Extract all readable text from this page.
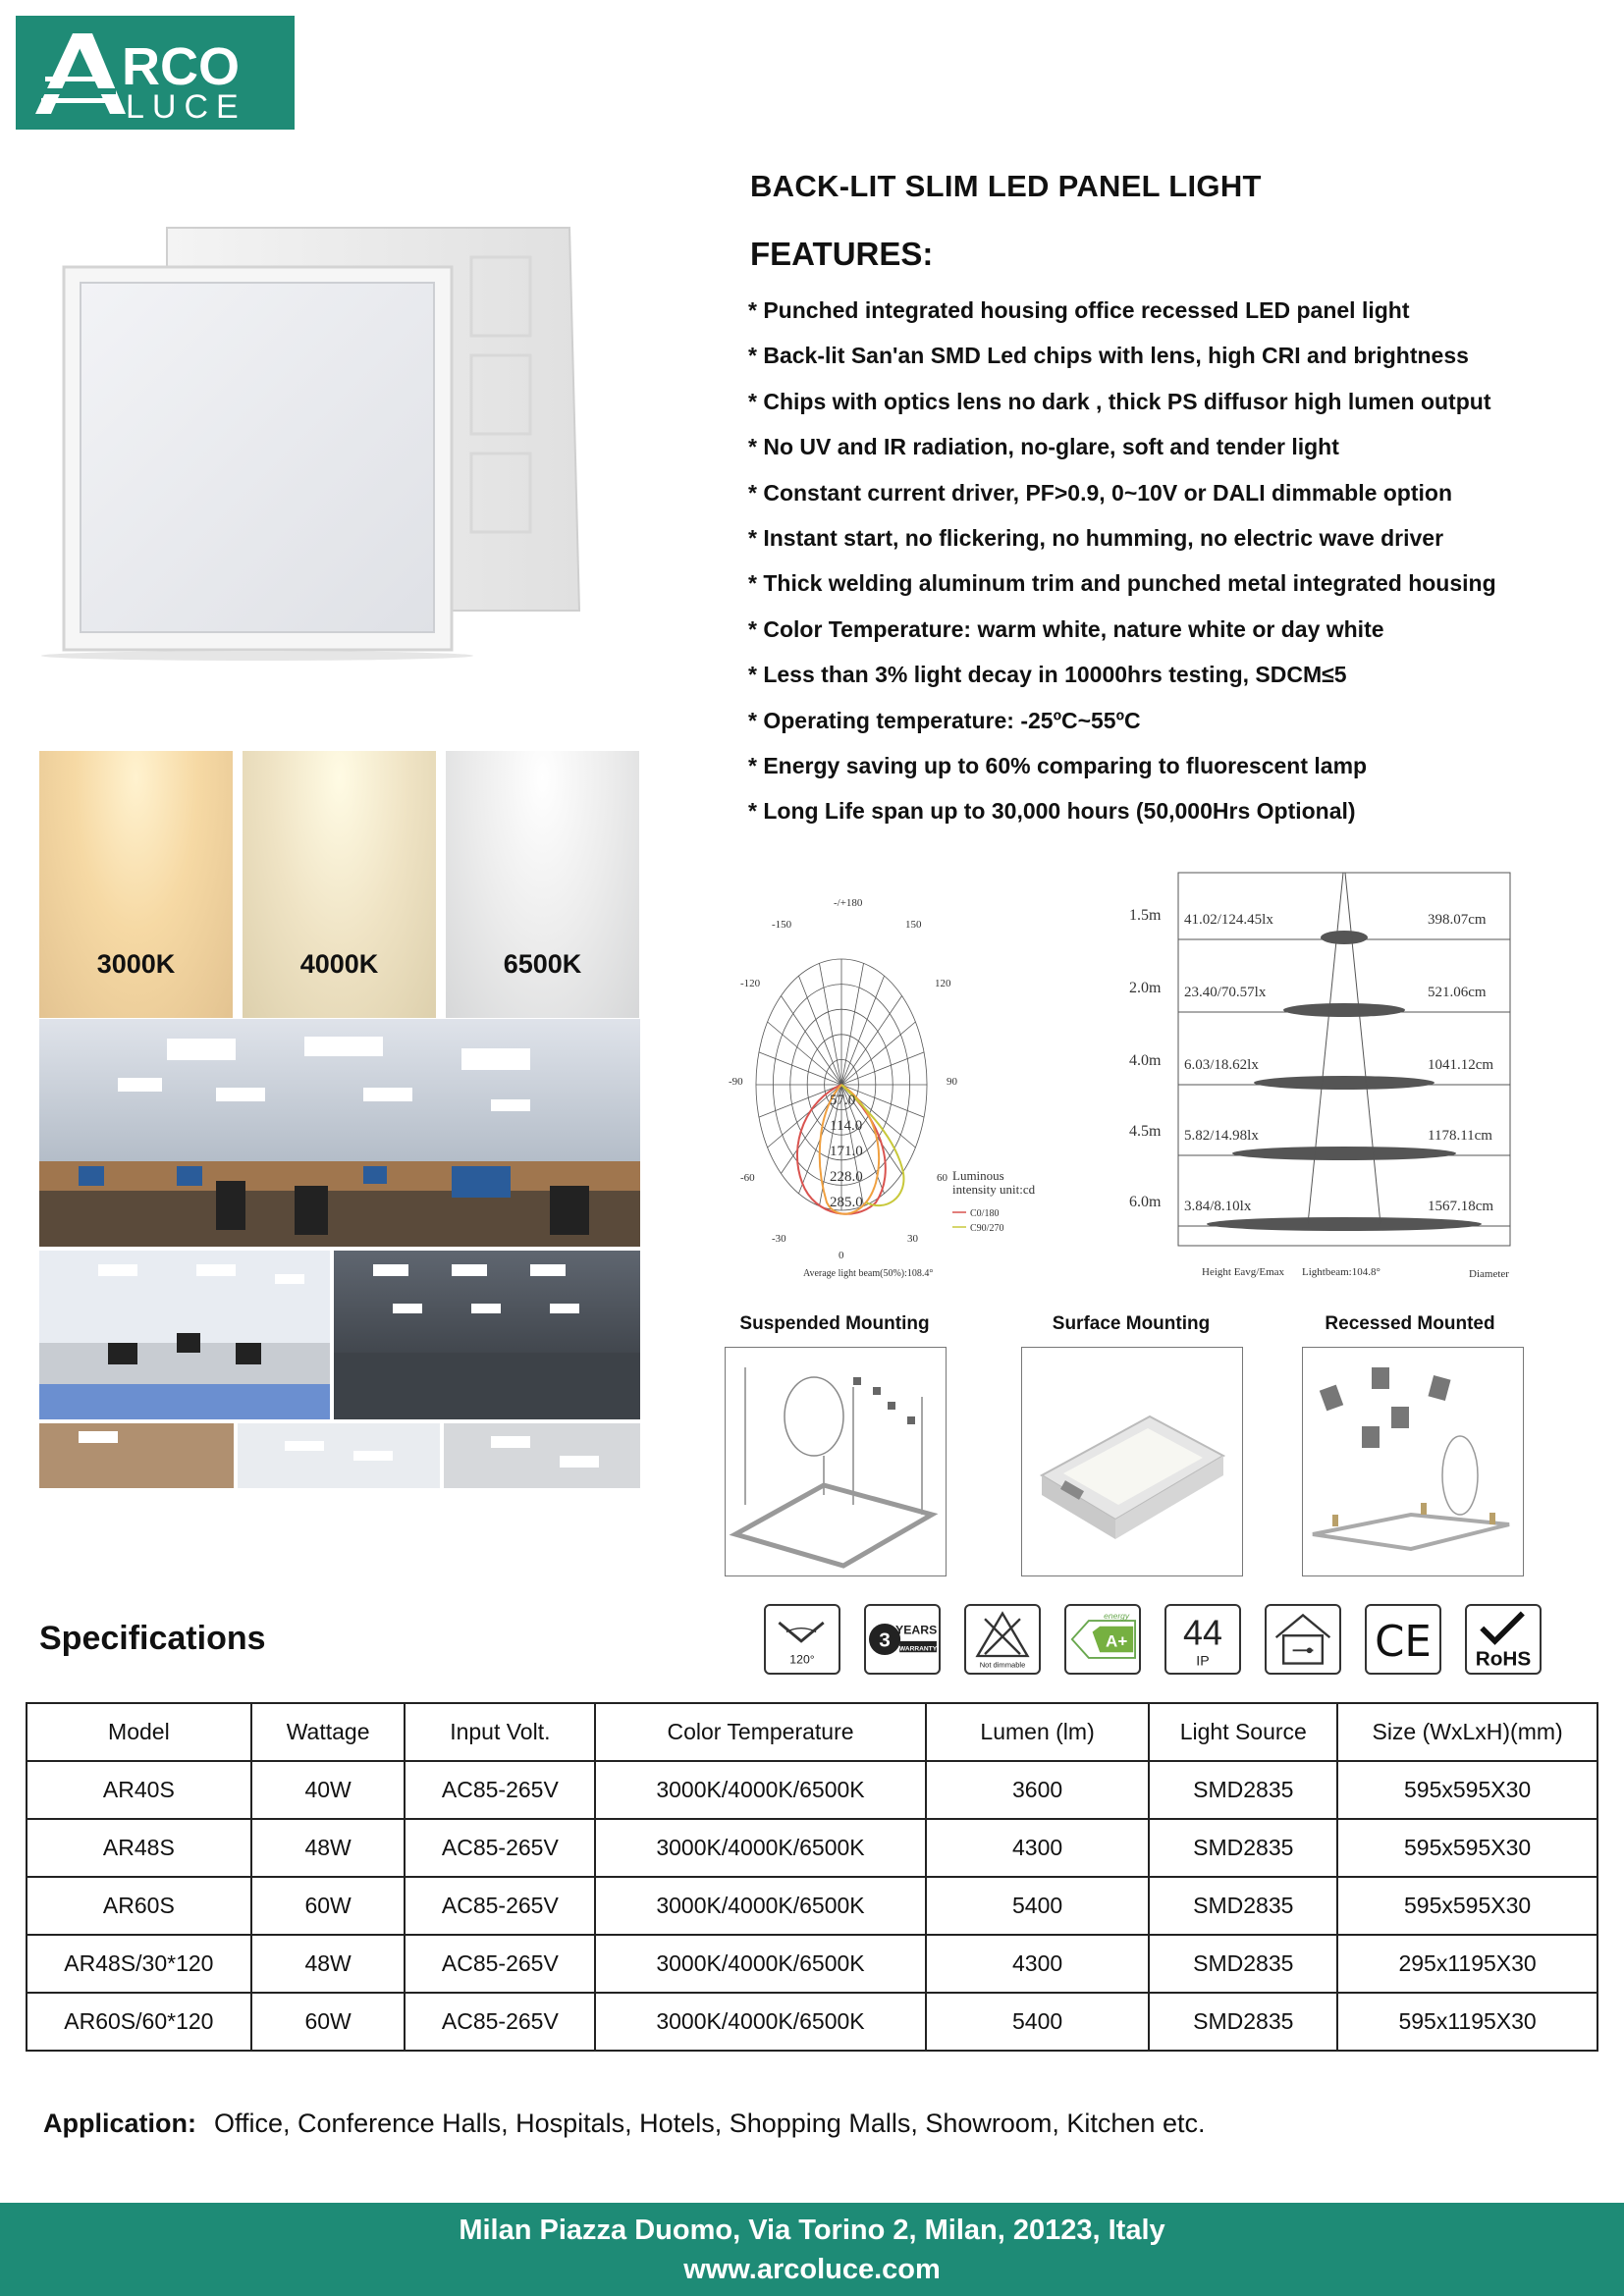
RCO
LUCE
BACK-LIT SLIM LED PANEL LIGHT
FEATURES:
* Punched integrated housing office recessed LED panel light
* Back-lit San'an SMD Led chips with lens, high CRI and brightness
* Chips with optics lens no dark , thick PS diffusor high lumen output
* No UV and IR radiation, no-glare, soft and tender light
* Constant current driver, PF>0.9, 0~10V or DALI dimmable option
* Instant start, no flickering, no humming, no electric wave driver
* Thick welding aluminum trim and punched metal integrated housing
* Color Temperature: warm white, nature white or day white
* Less than 3% light decay in 10000hrs testing, SDCM≤5
* Operating temperature: -25ºC~55ºC
* Energy saving up to 60% comparing to fluorescent lamp
* Long Life span up to 30,000 hours (50,000Hrs Optional)
3000K	4000K	6500K
-/+180
-150	150
-120	120
-90	90
-60	60
-30	30
0
57.0
114.0
171.0
228.0
285.0
Luminous
intensity unit:cd
C0/180
C90/270
Average light beam(50%):108.4°
1.5m 41.02/124.45lx	398.07cm
2.0m 23.40/70.57lx	521.06cm
4.0m 6.03/18.62lx	1041.12cm
4.5m 5.82/14.98lx	1178.11cm
6.0m 3.84/8.10lx	1567.18cm
Height Eavg/Emax Lightbeam:104.8°	Diameter
Suspended Mounting	Surface Mounting	Recessed Mounted
Specifications
120°
3 YEARS
WARRANTY
Not dimmable
energy
A+ 44
IP	CE RoHS
Model	Wattage	Input Volt.	Color Temperature	Lumen (lm)	Light Source	Size (WxLxH)(mm)
AR40S	40W	AC85-265V	3000K/4000K/6500K	3600	SMD2835	595x595X30
AR48S	48W	AC85-265V	3000K/4000K/6500K	4300	SMD2835	595x595X30
AR60S	60W	AC85-265V	3000K/4000K/6500K	5400	SMD2835	595x595X30
AR48S/30*120	48W	AC85-265V	3000K/4000K/6500K	4300	SMD2835	295x1195X30
AR60S/60*120	60W	AC85-265V	3000K/4000K/6500K	5400	SMD2835	595x1195X30
Application: Office, Conference Halls, Hospitals, Hotels, Shopping Malls, Showroom, Kitchen etc.
Milan Piazza Duomo, Via Torino 2, Milan, 20123, Italy
www.arcoluce.com
